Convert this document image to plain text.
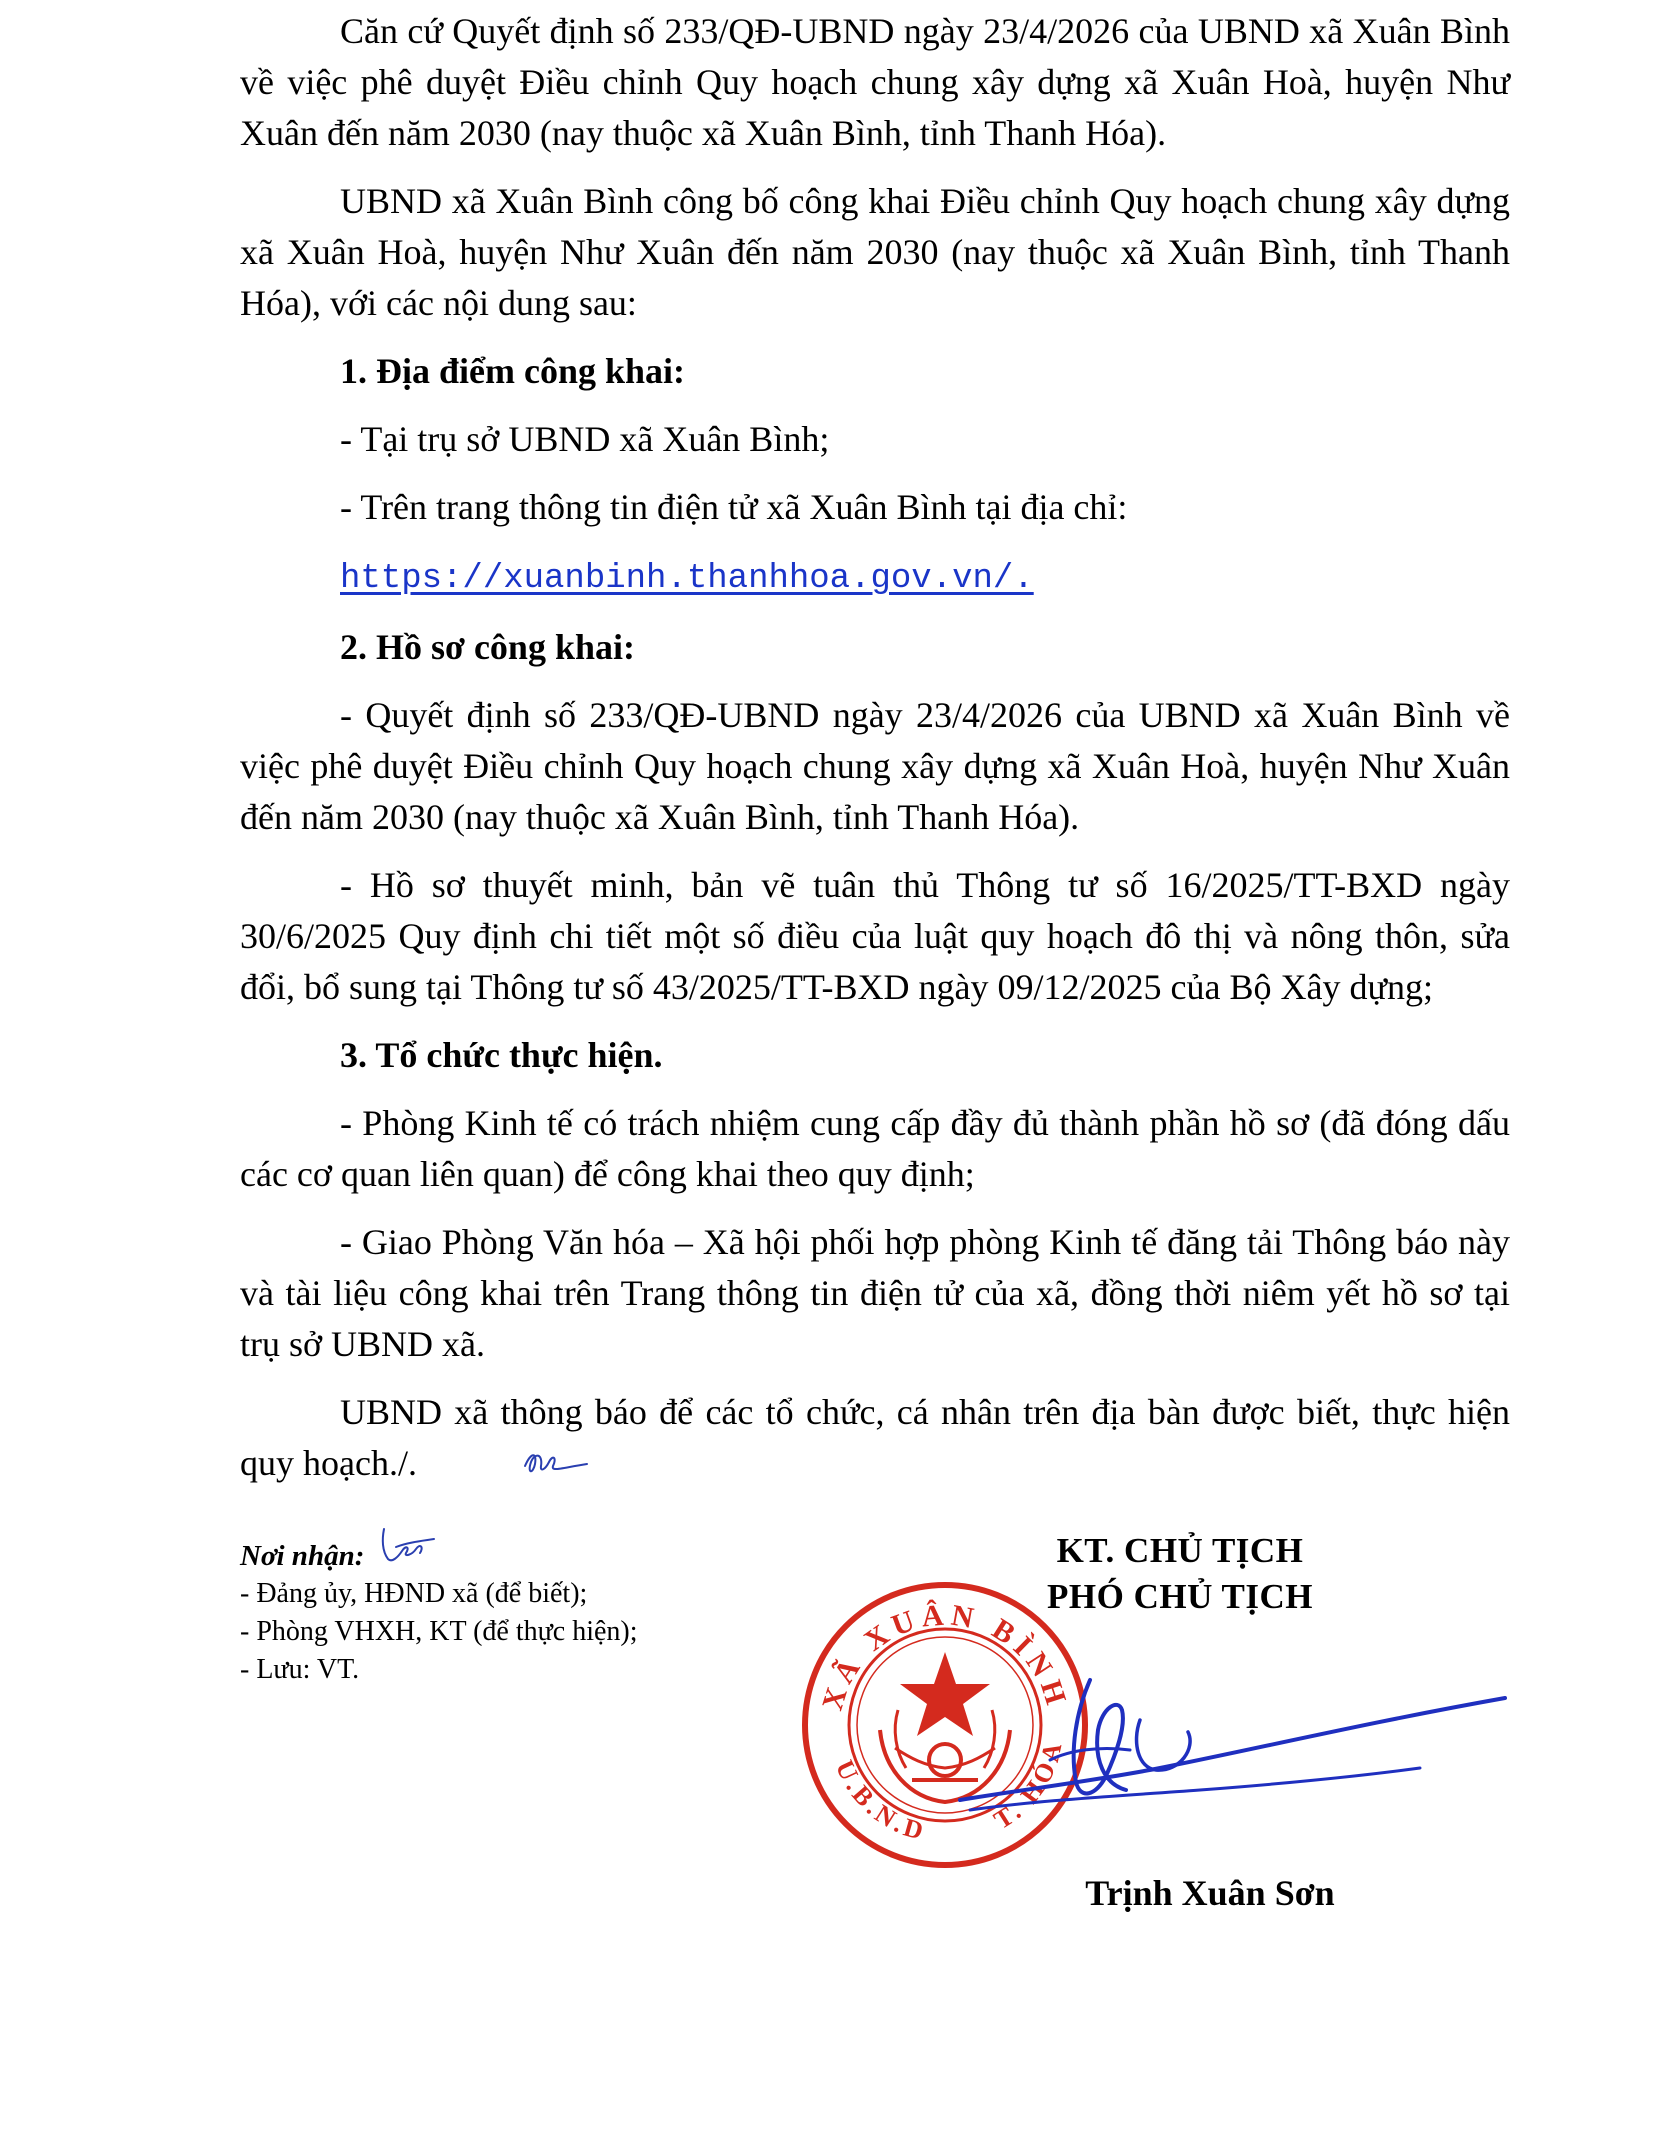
Căn cứ Quyết định số 233/QĐ-UBND ngày 23/4/2026 của UBND xã Xuân Bình về việc phê duyệt Điều chỉnh Quy hoạch chung xây dựng xã Xuân Hoà, huyện Như Xuân đến năm 2030 (nay thuộc xã Xuân Bình, tỉnh Thanh Hóa).

UBND xã Xuân Bình công bố công khai Điều chỉnh Quy hoạch chung xây dựng xã Xuân Hoà, huyện Như Xuân đến năm 2030 (nay thuộc xã Xuân Bình, tỉnh Thanh Hóa), với các nội dung sau:

1. Địa điểm công khai:

- Tại trụ sở UBND xã Xuân Bình;

- Trên trang thông tin điện tử xã Xuân Bình tại địa chỉ:

https://xuanbinh.thanhhoa.gov.vn/.

2. Hồ sơ công khai:

- Quyết định số 233/QĐ-UBND ngày 23/4/2026 của UBND xã Xuân Bình về việc phê duyệt Điều chỉnh Quy hoạch chung xây dựng xã Xuân Hoà, huyện Như Xuân đến năm 2030 (nay thuộc xã Xuân Bình, tỉnh Thanh Hóa).

- Hồ sơ thuyết minh, bản vẽ tuân thủ Thông tư số 16/2025/TT-BXD ngày 30/6/2025 Quy định chi tiết một số điều của luật quy hoạch đô thị và nông thôn, sửa đổi, bổ sung tại Thông tư số 43/2025/TT-BXD ngày 09/12/2025 của Bộ Xây dựng;

3. Tổ chức thực hiện.

- Phòng Kinh tế có trách nhiệm cung cấp đầy đủ thành phần hồ sơ (đã đóng dấu các cơ quan liên quan) để công khai theo quy định;

- Giao Phòng Văn hóa – Xã hội phối hợp phòng Kinh tế đăng tải Thông báo này và tài liệu công khai trên Trang thông tin điện tử của xã, đồng thời niêm yết hồ sơ tại trụ sở UBND xã.

UBND xã thông báo để các tổ chức, cá nhân trên địa bàn được biết, thực hiện quy hoạch./.

Nơi nhận:
- Đảng ủy, HĐND xã (để biết);
- Phòng VHXH, KT (để thực hiện);
- Lưu: VT.
KT. CHỦ TỊCH
PHÓ CHỦ TỊCH
XÃ XUÂN BÌNH
U.B.N.D T. HÓA
Trịnh Xuân Sơn
